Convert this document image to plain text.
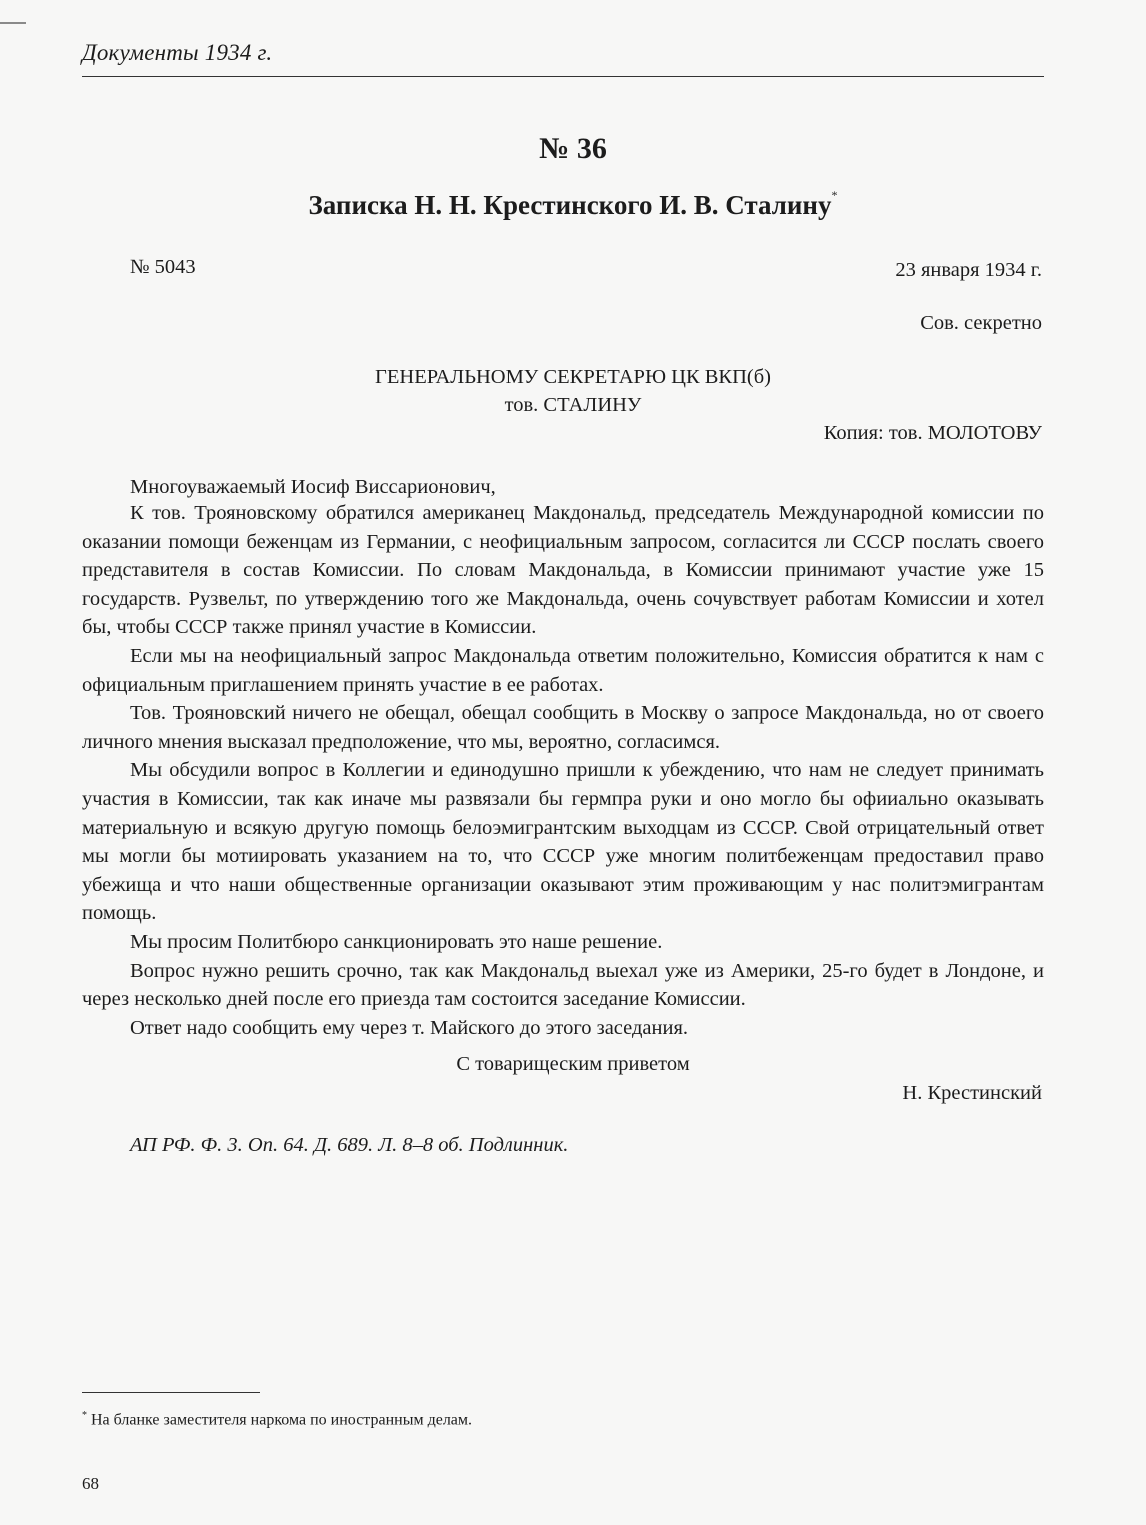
Документы 1934 г.
№ 36
Записка Н. Н. Крестинского И. В. Сталину*
№ 5043	23 января 1934 г.
Сов. секретно
ГЕНЕРАЛЬНОМУ СЕКРЕТАРЮ ЦК ВКП(б)
тов. СТАЛИНУ
Копия: тов. МОЛОТОВУ
Многоуважаемый Иосиф Виссарионович,

К тов. Трояновскому обратился американец Макдональд, председатель Международной комиссии по оказании помощи беженцам из Германии, с неофициальным запросом, согласится ли СССР послать своего представителя в состав Комиссии. По словам Макдональда, в Комиссии принимают участие уже 15 государств. Рузвельт, по утверждению того же Макдональда, очень сочувствует работам Комиссии и хотел бы, чтобы СССР также принял участие в Комиссии.

Если мы на неофициальный запрос Макдональда ответим положительно, Комиссия обратится к нам с официальным приглашением принять участие в ее работах.

Тов. Трояновский ничего не обещал, обещал сообщить в Москву о запросе Макдональда, но от своего личного мнения высказал предположение, что мы, вероятно, согласимся.

Мы обсудили вопрос в Коллегии и единодушно пришли к убеждению, что нам не следует принимать участия в Комиссии, так как иначе мы развязали бы гермпра руки и оно могло бы офииально оказывать материальную и всякую другую помощь белоэмигрантским выходцам из СССР. Свой отрицательный ответ мы могли бы мотиировать указанием на то, что СССР уже многим политбеженцам предоставил право убежища и что наши общественные организации оказывают этим проживающим у нас политэмигрантам помощь.

Мы просим Политбюро санкционировать это наше решение.

Вопрос нужно решить срочно, так как Макдональд выехал уже из Америки, 25-го будет в Лондоне, и через несколько дней после его приезда там состоится заседание Комиссии.

Ответ надо сообщить ему через т. Майского до этого заседания.

С товарищеским приветом
Н. Крестинский
АП РФ. Ф. 3. Оп. 64. Д. 689. Л. 8–8 об. Подлинник.
* На бланке заместителя наркома по иностранным делам.
68
